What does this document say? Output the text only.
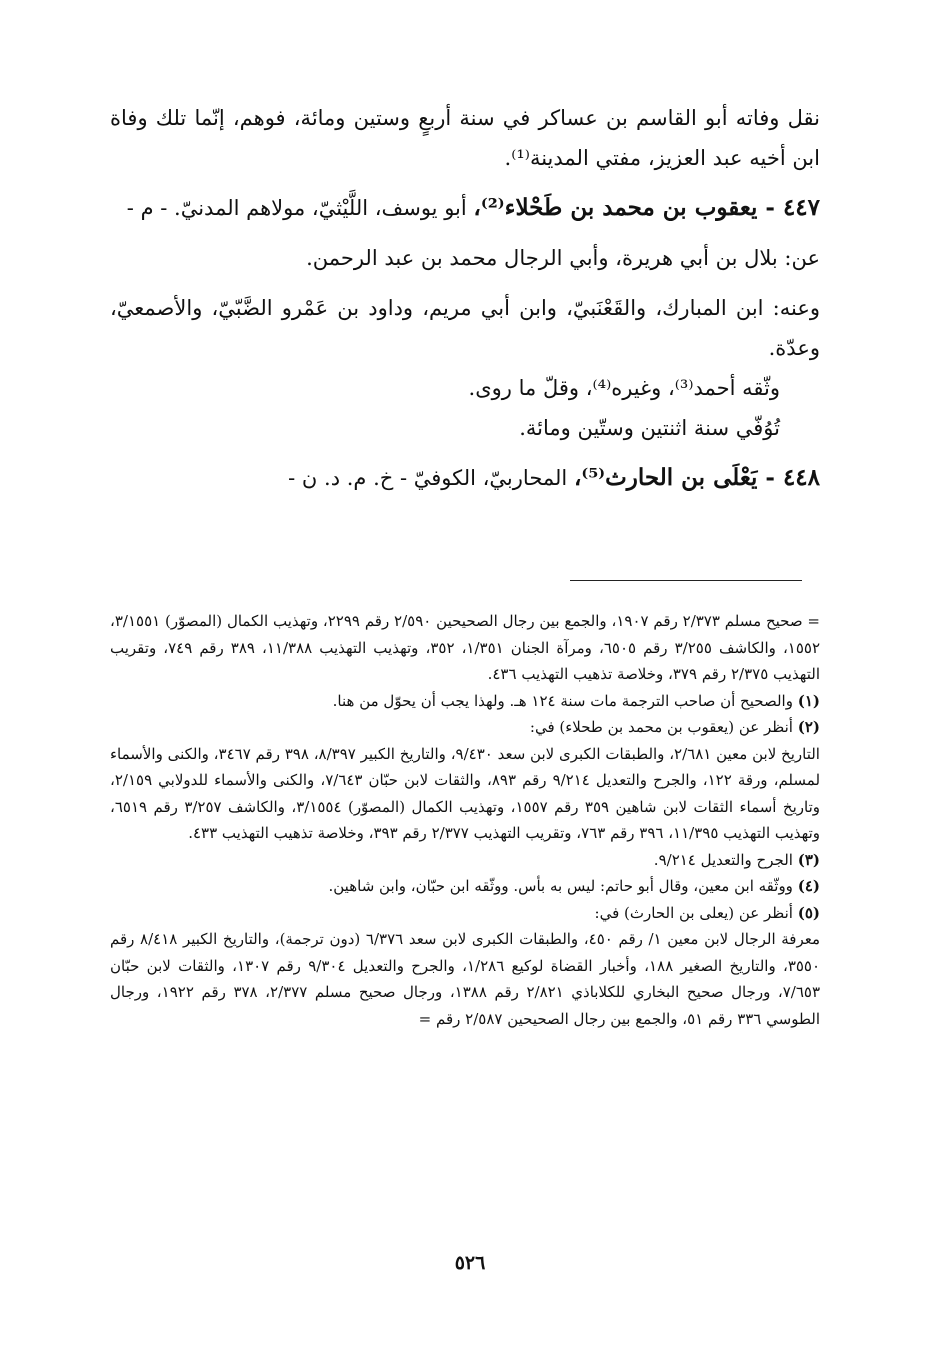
نقل وفاته أبو القاسم بن عساكر في سنة أربعٍ وستين ومائة، فوهم، إنّما تلك وفاة ابن أخيه عبد العزيز، مفتي المدينة⁽¹⁾.

٤٤٧ - يعقوب بن محمد بن طَحْلاء⁽²⁾، أبو يوسف، اللَّيْثيّ، مولاهم المدنيّ. - م -

عن: بلال بن أبي هريرة، وأبي الرجال محمد بن عبد الرحمن.

وعنه: ابن المبارك، والقَعْنَبيّ، وابن أبي مريم، وداود بن عَمْرو الضَّبّيّ، والأصمعيّ، وعدّة.

وثّقه أحمد⁽³⁾، وغيره⁽⁴⁾، وقلّ ما روى.

تُوُفّي سنة اثنتين وستّين ومائة.

٤٤٨ - يَعْلَى بن الحارث⁽⁵⁾، المحاربيّ، الكوفيّ - خ. م. د. ن -

= صحيح مسلم ٢/٣٧٣ رقم ١٩٠٧، والجمع بين رجال الصحيحين ٢/٥٩٠ رقم ٢٢٩٩، وتهذيب الكمال (المصوّر) ٣/١٥٥١، ١٥٥٢، والكاشف ٣/٢٥٥ رقم ٦٥٠٥، ومرآة الجنان ١/٣٥١، ٣٥٢، وتهذيب التهذيب ١١/٣٨٨، ٣٨٩ رقم ٧٤٩، وتقريب التهذيب ٢/٣٧٥ رقم ٣٧٩، وخلاصة تذهيب التهذيب ٤٣٦.

(١) والصحيح أن صاحب الترجمة مات سنة ١٢٤ هـ. ولهذا يجب أن يحوّل من هنا.

(٢) أنظر عن (يعقوب بن محمد بن طحلاء) في:

التاريخ لابن معين ٢/٦٨١، والطبقات الكبرى لابن سعد ٩/٤٣٠، والتاريخ الكبير ٨/٣٩٧، ٣٩٨ رقم ٣٤٦٧، والكنى والأسماء لمسلم، ورقة ١٢٢، والجرح والتعديل ٩/٢١٤ رقم ٨٩٣، والثقات لابن حبّان ٧/٦٤٣، والكنى والأسماء للدولابي ٢/١٥٩، وتاريخ أسماء الثقات لابن شاهين ٣٥٩ رقم ١٥٥٧، وتهذيب الكمال (المصوّر) ٣/١٥٥٤، والكاشف ٣/٢٥٧ رقم ٦٥١٩، وتهذيب التهذيب ١١/٣٩٥، ٣٩٦ رقم ٧٦٣، وتقريب التهذيب ٢/٣٧٧ رقم ٣٩٣، وخلاصة تذهيب التهذيب ٤٣٣.

(٣) الجرح والتعديل ٩/٢١٤.

(٤) ووثّقه ابن معين، وقال أبو حاتم: ليس به بأس. ووثّقه ابن حبّان، وابن شاهين.

(٥) أنظر عن (يعلى بن الحارث) في:

معرفة الرجال لابن معين ١/ رقم ٤٥٠، والطبقات الكبرى لابن سعد ٦/٣٧٦ (دون ترجمة)، والتاريخ الكبير ٨/٤١٨ رقم ٣٥٥٠، والتاريخ الصغير ١٨٨، وأخبار القضاة لوكيع ١/٢٨٦، والجرح والتعديل ٩/٣٠٤ رقم ١٣٠٧، والثقات لابن حبّان ٧/٦٥٣، ورجال صحيح البخاري للكلاباذي ٢/٨٢١ رقم ١٣٨٨، ورجال صحيح مسلم ٢/٣٧٧، ٣٧٨ رقم ١٩٢٢، ورجال الطوسي ٣٣٦ رقم ٥١، والجمع بين رجال الصحيحين ٢/٥٨٧ رقم =

٥٢٦
